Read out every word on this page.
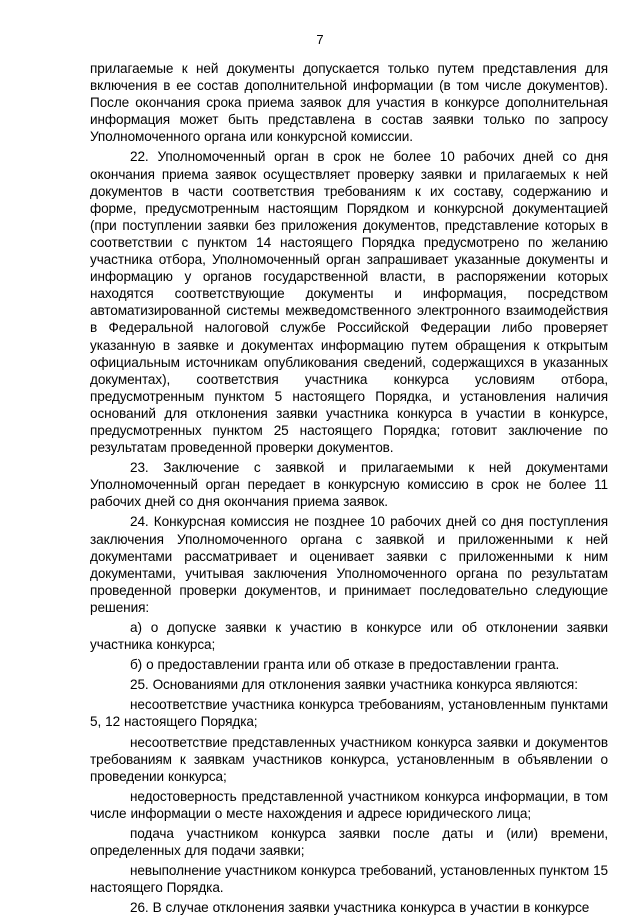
7

прилагаемые к ней документы допускается только путем представления для включения в ее состав дополнительной информации (в том числе документов). После окончания срока приема заявок для участия в конкурсе дополнительная информация может быть представлена в состав заявки только по запросу Уполномоченного органа или конкурсной комиссии.

22. Уполномоченный орган в срок не более 10 рабочих дней со дня окончания приема заявок осуществляет проверку заявки и прилагаемых к ней документов в части соответствия требованиям к их составу, содержанию и форме, предусмотренным настоящим Порядком и конкурсной документацией (при поступлении заявки без приложения документов, представление которых в соответствии с пунктом 14 настоящего Порядка предусмотрено по желанию участника отбора, Уполномоченный орган запрашивает указанные документы и информацию у органов государственной власти, в распоряжении которых находятся соответствующие документы и информация, посредством автоматизированной системы межведомственного электронного взаимодействия в Федеральной налоговой службе Российской Федерации либо проверяет указанную в заявке и документах информацию путем обращения к открытым официальным источникам опубликования сведений, содержащихся в указанных документах), соответствия участника конкурса условиям отбора, предусмотренным пунктом 5 настоящего Порядка, и установления наличия оснований для отклонения заявки участника конкурса в участии в конкурсе, предусмотренных пунктом 25 настоящего Порядка; готовит заключение по результатам проведенной проверки документов.

23. Заключение с заявкой и прилагаемыми к ней документами Уполномоченный орган передает в конкурсную комиссию в срок не более 11 рабочих дней со дня окончания приема заявок.

24. Конкурсная комиссия не позднее 10 рабочих дней со дня поступления заключения Уполномоченного органа с заявкой и приложенными к ней документами рассматривает и оценивает заявки с приложенными к ним документами, учитывая заключения Уполномоченного органа по результатам проведенной проверки документов, и принимает последовательно следующие решения:

а) о допуске заявки к участию в конкурсе или об отклонении заявки участника конкурса;

б) о предоставлении гранта или об отказе в предоставлении гранта.

25. Основаниями для отклонения заявки участника конкурса являются:

несоответствие участника конкурса требованиям, установленным пунктами 5, 12 настоящего Порядка;

несоответствие представленных участником конкурса заявки и документов требованиям к заявкам участников конкурса, установленным в объявлении о проведении конкурса;

недостоверность представленной участником конкурса информации, в том числе информации о месте нахождения и адресе юридического лица;

подача участником конкурса заявки после даты и (или) времени, определенных для подачи заявки;

невыполнение участником конкурса требований, установленных пунктом 15 настоящего Порядка.

26. В случае отклонения заявки участника конкурса в участии в конкурсе
